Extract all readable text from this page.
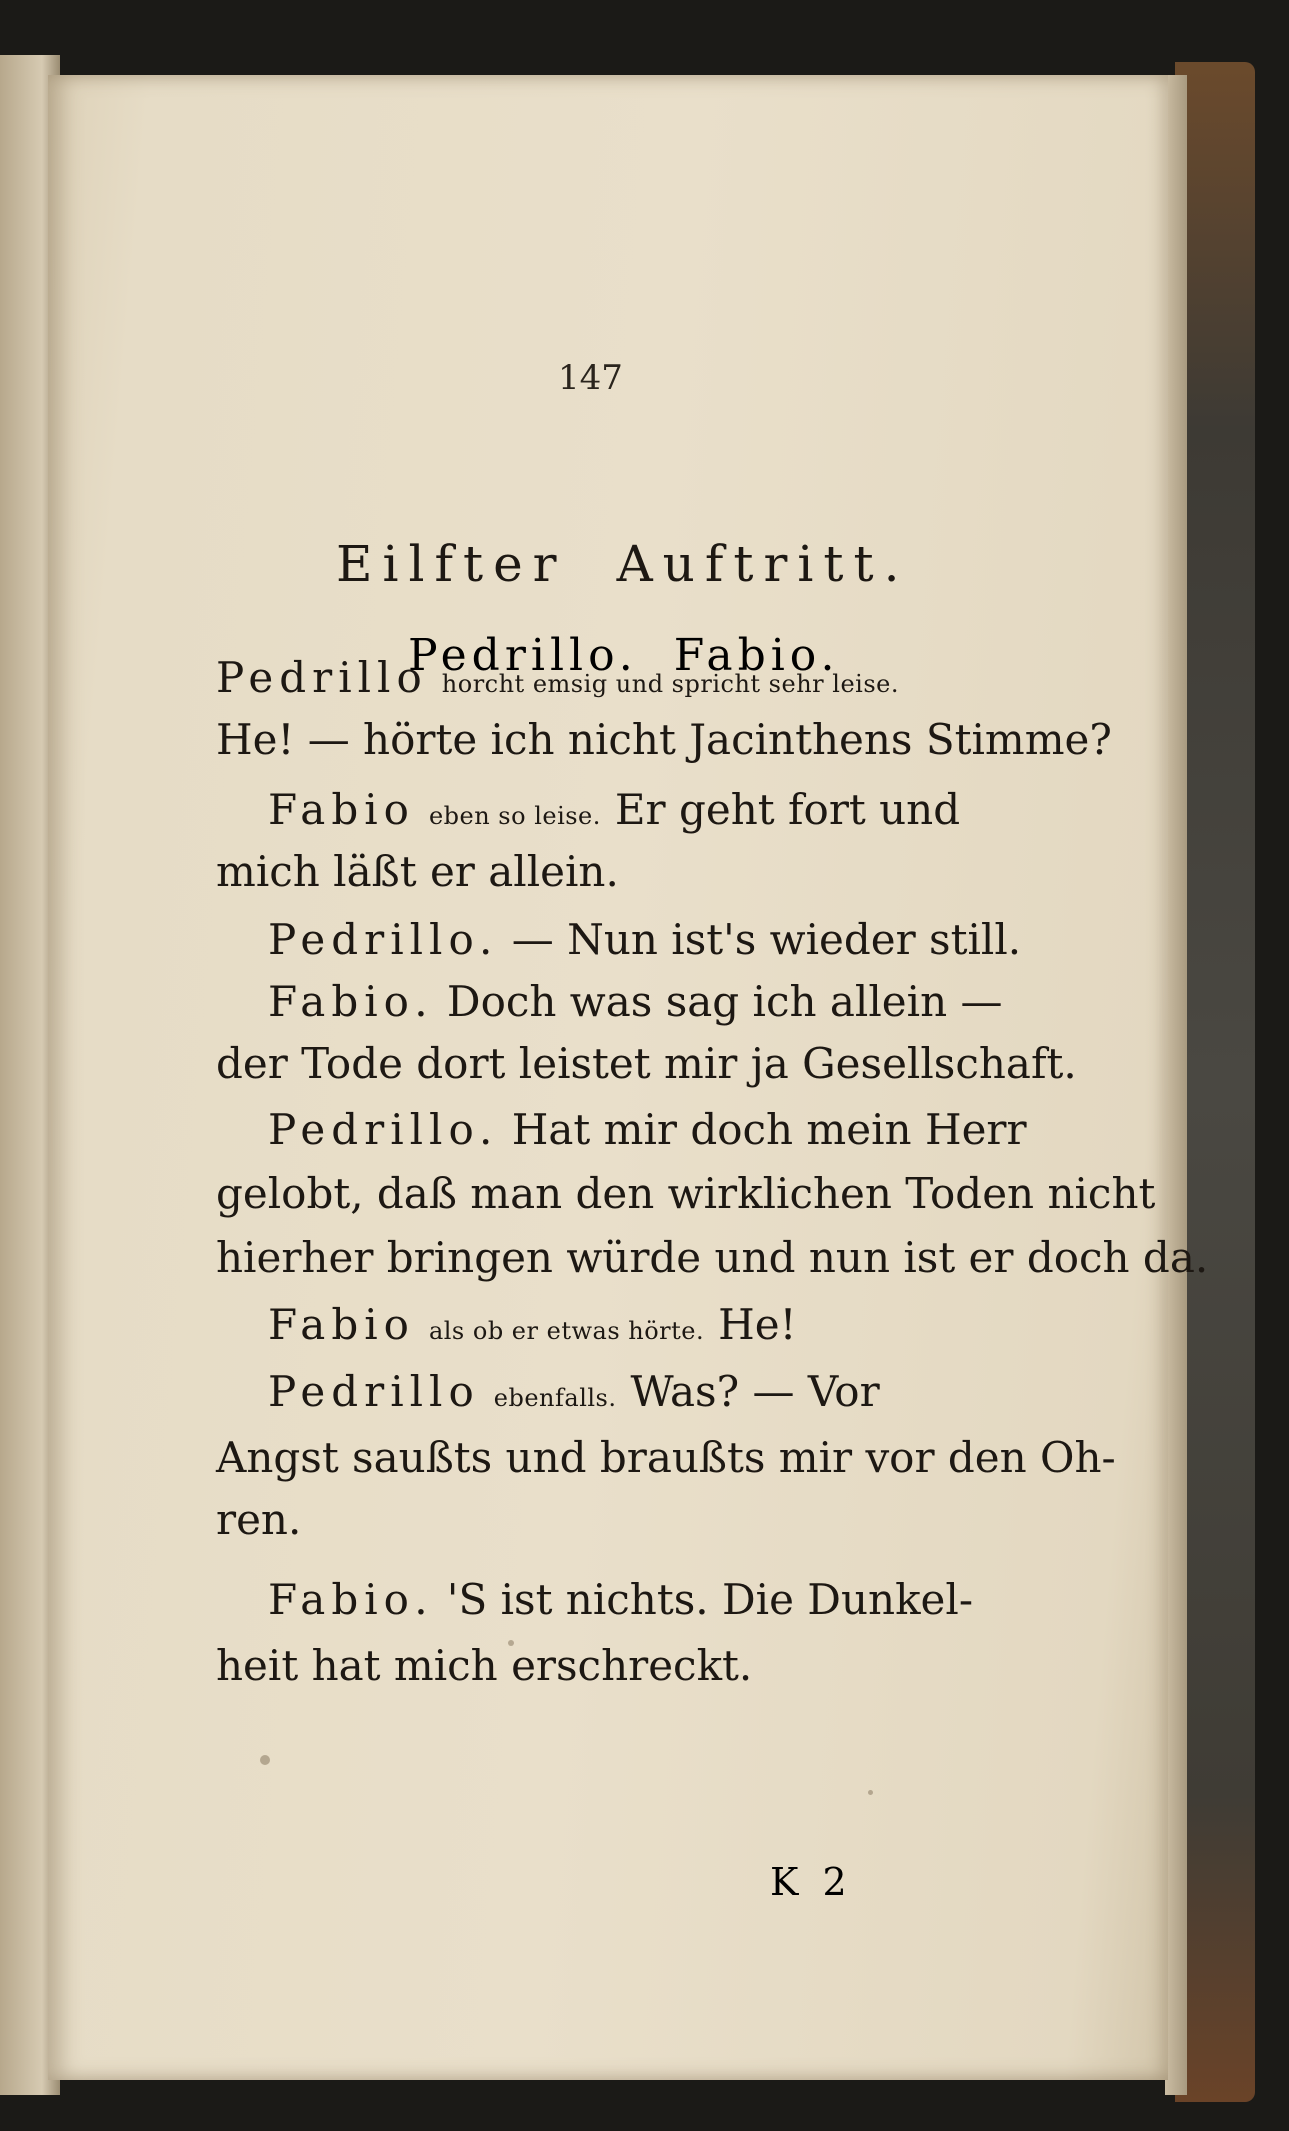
147
Eilfter Auftritt.
Pedrillo. Fabio.
Pedrillo horcht emsig und spricht sehr leise.
He! — hörte ich nicht Jacinthens Stimme?
Fabio eben so leise. Er geht fort und
mich läßt er allein.
Pedrillo. — Nun ist's wieder still.
Fabio. Doch was sag ich allein —
der Tode dort leistet mir ja Gesellschaft.
Pedrillo. Hat mir doch mein Herr
gelobt, daß man den wirklichen Toden nicht
hierher bringen würde und nun ist er doch da.
Fabio als ob er etwas hörte. He!
Pedrillo ebenfalls. Was? — Vor
Angst saußts und braußts mir vor den Oh-
ren.
Fabio. 'S ist nichts. Die Dunkel-
heit hat mich erschreckt.
K 2
